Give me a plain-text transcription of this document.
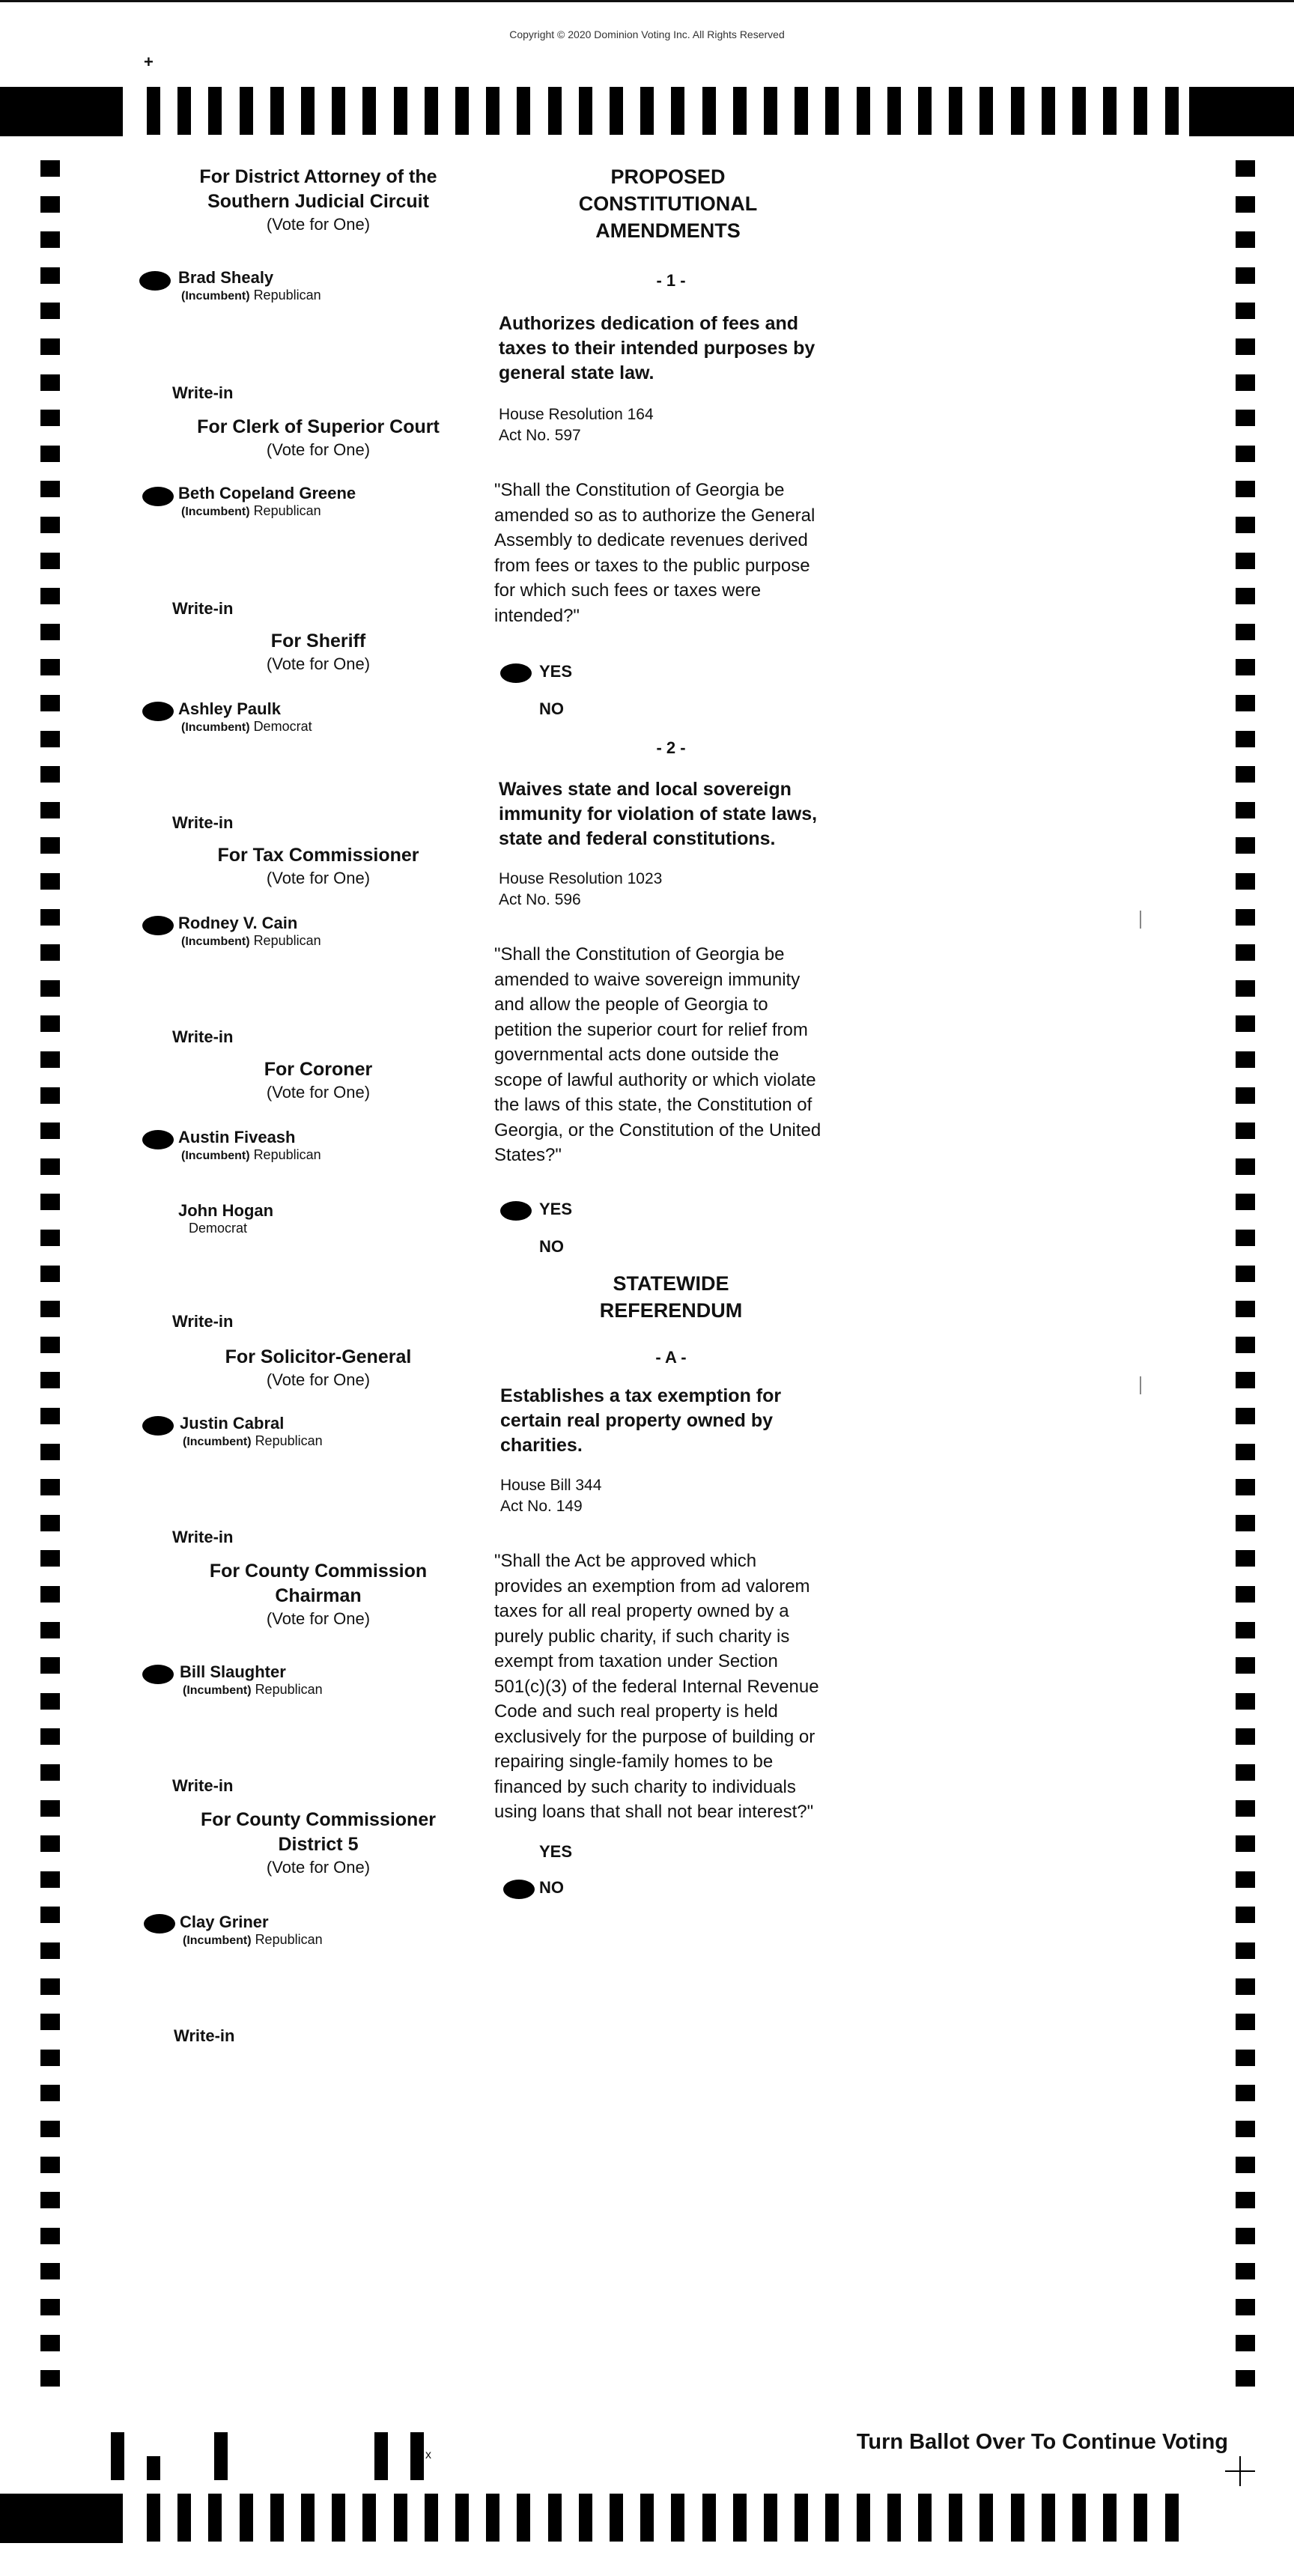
Copyright © 2020 Dominion Voting Inc. All Rights Reserved
+
For District Attorney of the
Southern Judicial Circuit
(Vote for One)
Brad Shealy
(Incumbent) Republican
Write-in
For Clerk of Superior Court
(Vote for One)
Beth Copeland Greene
(Incumbent) Republican
Write-in
For Sheriff
(Vote for One)
Ashley Paulk
(Incumbent) Democrat
Write-in
For Tax Commissioner
(Vote for One)
Rodney V. Cain
(Incumbent) Republican
Write-in
For Coroner
(Vote for One)
Austin Fiveash
(Incumbent) Republican
John Hogan
Democrat
Write-in
For Solicitor-General
(Vote for One)
Justin Cabral
(Incumbent) Republican
Write-in
For County Commission
Chairman
(Vote for One)
Bill Slaughter
(Incumbent) Republican
Write-in
For County Commissioner
District 5
(Vote for One)
Clay Griner
(Incumbent) Republican
Write-in
PROPOSED
CONSTITUTIONAL
AMENDMENTS
- 1 -
Authorizes dedication of fees and
taxes to their intended purposes by
general state law.
House Resolution 164
Act No. 597
"Shall the Constitution of Georgia be
amended so as to authorize the General
Assembly to dedicate revenues derived
from fees or taxes to the public purpose
for which such fees or taxes were
intended?"
YES
NO
- 2 -
Waives state and local sovereign
immunity for violation of state laws,
state and federal constitutions.
House Resolution 1023
Act No. 596
"Shall the Constitution of Georgia be
amended to waive sovereign immunity
and allow the people of Georgia to
petition the superior court for relief from
governmental acts done outside the
scope of lawful authority or which violate
the laws of this state, the Constitution of
Georgia, or the Constitution of the United
States?"
YES
NO
STATEWIDE
REFERENDUM
- A -
Establishes a tax exemption for
certain real property owned by
charities.
House Bill 344
Act No. 149
"Shall the Act be approved which
provides an exemption from ad valorem
taxes for all real property owned by a
purely public charity, if such charity is
exempt from taxation under Section
501(c)(3) of the federal Internal Revenue
Code and such real property is held
exclusively for the purpose of building or
repairing single-family homes to be
financed by such charity to individuals
using loans that shall not bear interest?"
YES
NO
x
Turn Ballot Over To Continue Voting
